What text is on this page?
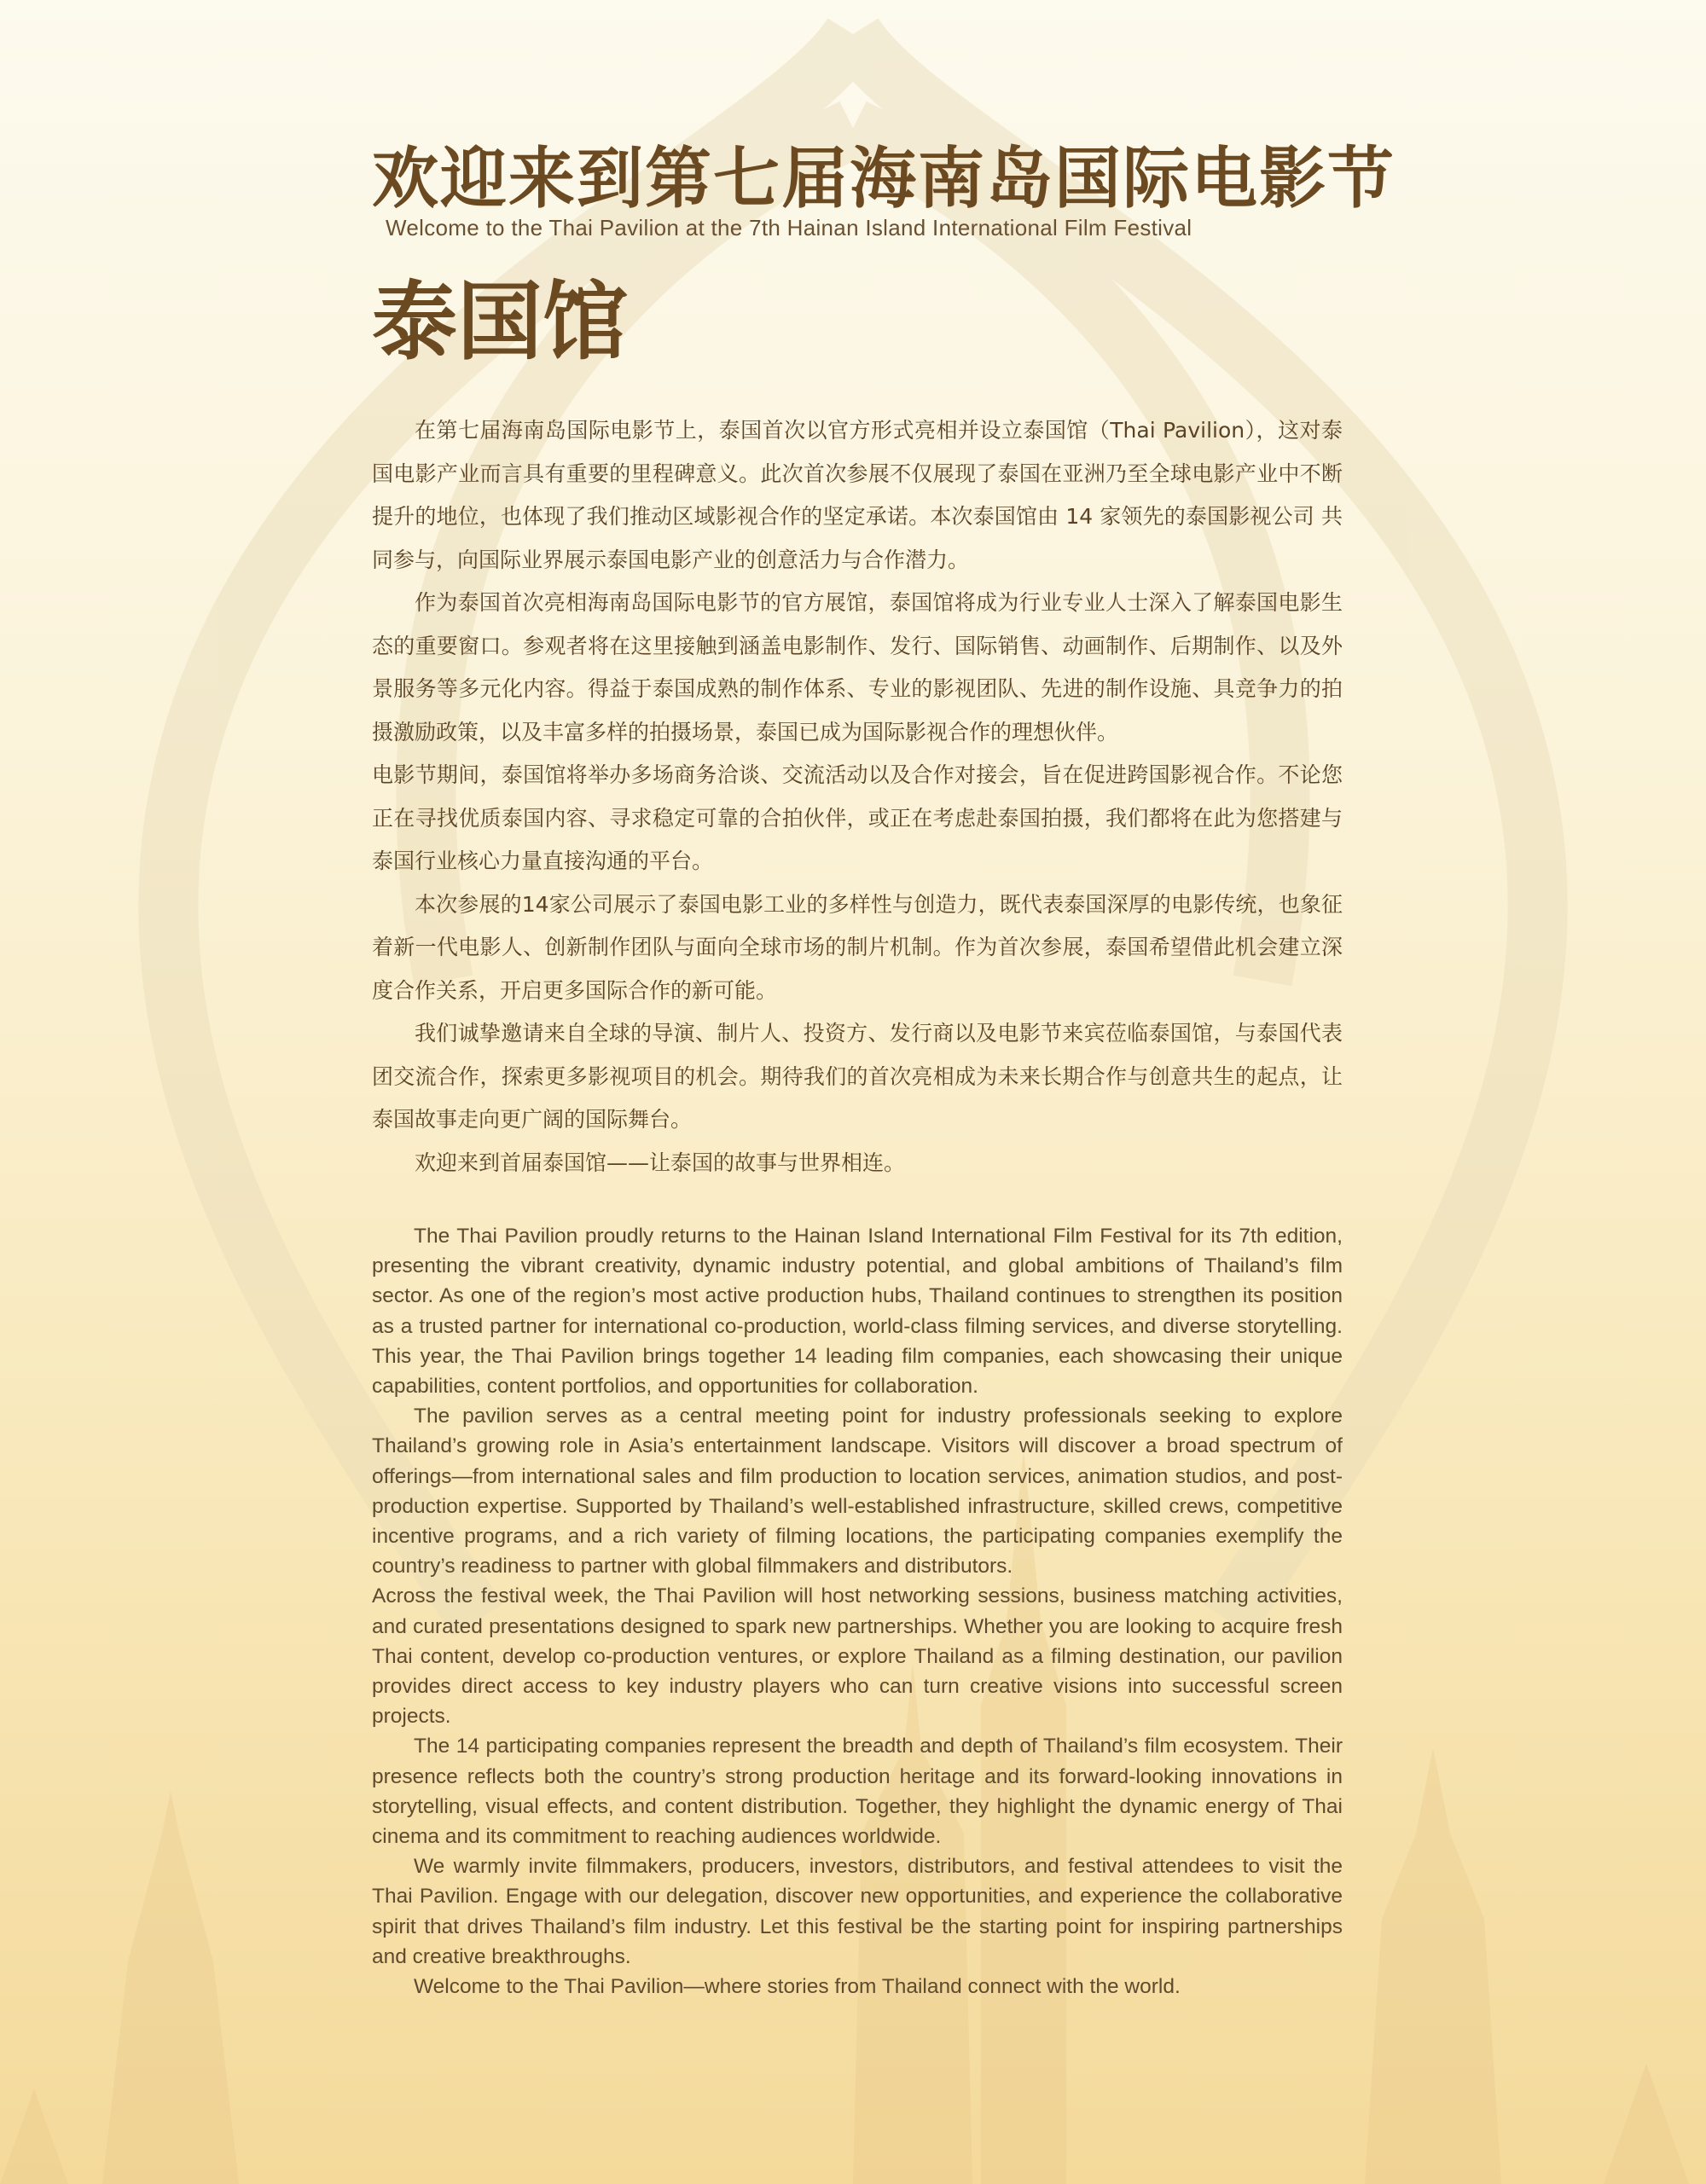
欢迎来到第七届海南岛国际电影节
Welcome to the Thai Pavilion at the 7th Hainan Island International Film Festival
泰国馆

在第七届海南岛国际电影节上，泰国首次以官方形式亮相并设立泰国馆（Thai Pavilion），这对泰国电影产业而言具有重要的里程碑意义。此次首次参展不仅展现了泰国在亚洲乃至全球电影产业中不断提升的地位，也体现了我们推动区域影视合作的坚定承诺。本次泰国馆由 14 家领先的泰国影视公司 共同参与，向国际业界展示泰国电影产业的创意活力与合作潜力。

作为泰国首次亮相海南岛国际电影节的官方展馆，泰国馆将成为行业专业人士深入了解泰国电影生态的重要窗口。参观者将在这里接触到涵盖电影制作、发行、国际销售、动画制作、后期制作、以及外景服务等多元化内容。得益于泰国成熟的制作体系、专业的影视团队、先进的制作设施、具竞争力的拍摄激励政策，以及丰富多样的拍摄场景，泰国已成为国际影视合作的理想伙伴。

电影节期间，泰国馆将举办多场商务洽谈、交流活动以及合作对接会，旨在促进跨国影视合作。不论您正在寻找优质泰国内容、寻求稳定可靠的合拍伙伴，或正在考虑赴泰国拍摄，我们都将在此为您搭建与泰国行业核心力量直接沟通的平台。

本次参展的14家公司展示了泰国电影工业的多样性与创造力，既代表泰国深厚的电影传统，也象征着新一代电影人、创新制作团队与面向全球市场的制片机制。作为首次参展，泰国希望借此机会建立深度合作关系，开启更多国际合作的新可能。

我们诚挚邀请来自全球的导演、制片人、投资方、发行商以及电影节来宾莅临泰国馆，与泰国代表团交流合作，探索更多影视项目的机会。期待我们的首次亮相成为未来长期合作与创意共生的起点，让泰国故事走向更广阔的国际舞台。

欢迎来到首届泰国馆——让泰国的故事与世界相连。

The Thai Pavilion proudly returns to the Hainan Island International Film Festival for its 7th edition, presenting the vibrant creativity, dynamic industry potential, and global ambitions of Thailand’s film sector. As one of the region’s most active production hubs, Thailand continues to strengthen its position as a trusted partner for international co-production, world-class filming services, and diverse storytelling. This year, the Thai Pavilion brings together 14 leading film companies, each showcasing their unique capabilities, content portfolios, and opportunities for collaboration.

The pavilion serves as a central meeting point for industry professionals seeking to explore Thailand’s growing role in Asia’s entertainment landscape. Visitors will discover a broad spectrum of offerings—from international sales and film production to location services, animation studios, and post-production expertise. Supported by Thailand’s well-established infrastructure, skilled crews, competitive incentive programs, and a rich variety of filming locations, the participating companies exemplify the country’s readiness to partner with global filmmakers and distributors.

Across the festival week, the Thai Pavilion will host networking sessions, business matching activities, and curated presentations designed to spark new partnerships. Whether you are looking to acquire fresh Thai content, develop co-production ventures, or explore Thailand as a filming destination, our pavilion provides direct access to key industry players who can turn creative visions into successful screen projects.

The 14 participating companies represent the breadth and depth of Thailand’s film ecosystem. Their presence reflects both the country’s strong production heritage and its forward-looking innovations in storytelling, visual effects, and content distribution. Together, they highlight the dynamic energy of Thai cinema and its commitment to reaching audiences worldwide.

We warmly invite filmmakers, producers, investors, distributors, and festival attendees to visit the Thai Pavilion. Engage with our delegation, discover new opportunities, and experience the collaborative spirit that drives Thailand’s film industry. Let this festival be the starting point for inspiring partnerships and creative breakthroughs.

Welcome to the Thai Pavilion—where stories from Thailand connect with the world.
